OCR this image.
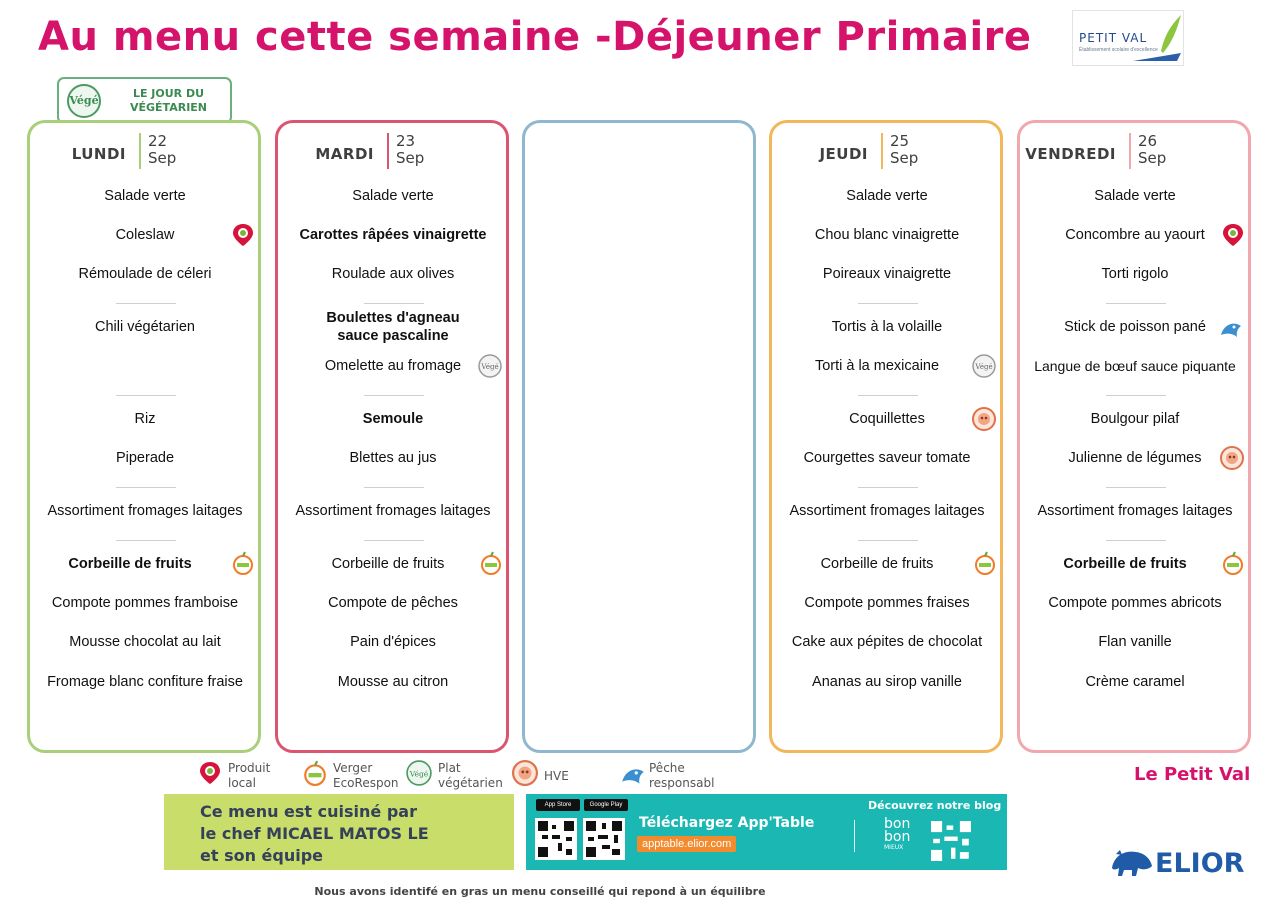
Au menu cette semaine -Déjeuner Primaire	PETIT VAL
Établissement scolaire d'excellence
Végé
LE JOUR DU
VÉGÉTARIEN
LUNDI
22
Sep
Salade verte
Coleslaw
Rémoulade de céleri
Chili végétarien
Riz
Piperade
Assortiment fromages laitages
Corbeille de fruits
Compote pommes framboise
Mousse chocolat au lait
Fromage blanc confiture fraise
MARDI
23
Sep
Salade verte
Carottes râpées vinaigrette
Roulade aux olives
Boulettes d'agneau
sauce pascaline
Omelette au fromage	Végé
Semoule
Blettes au jus
Assortiment fromages laitages
Corbeille de fruits
Compote de pêches
Pain d'épices
Mousse au citron
JEUDI
25
Sep
Salade verte
Chou blanc vinaigrette
Poireaux vinaigrette
Tortis à la volaille
Torti à la mexicaine	Végé
Coquillettes
Courgettes saveur tomate
Assortiment fromages laitages
Corbeille de fruits
Compote pommes fraises
Cake aux pépites de chocolat
Ananas au sirop vanille
VENDREDI
26
Sep
Salade verte
Concombre au yaourt
Torti rigolo
Stick de poisson pané
Langue de bœuf sauce piquante
Boulgour pilaf
Julienne de légumes
Assortiment fromages laitages
Corbeille de fruits
Compote pommes abricots
Flan vanille
Crème caramel
Produit
local
Verger
EcoRespon
Végé Plat
végétarien	HVE
Pêche
responsabl	Le Petit Val
Ce menu est cuisiné par
le chef MICAEL MATOS LE
et son équipe
App Store	Google Play
Téléchargez App'Table
apptable.elior.com
Découvrez notre blog
bon
bon
MIEUX
ELIOR
Nous avons identifé en gras un menu conseillé qui repond à un équilibre
